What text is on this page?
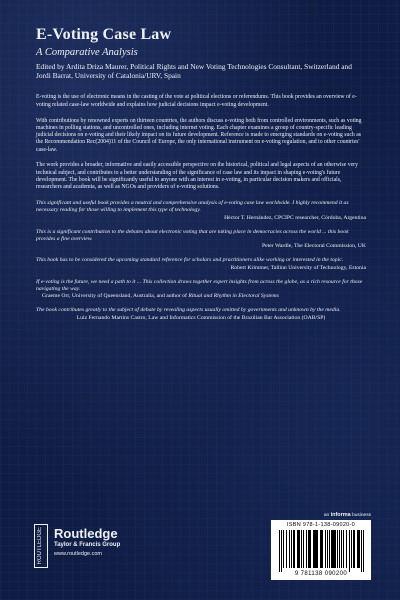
E-Voting Case Law
A Comparative Analysis
Edited by Ardita Driza Maurer, Political Rights and New Voting Technologies Consultant, Switzerland and Jordi Barrat, University of Catalonia/URV, Spain

E-voting is the use of electronic means in the casting of the vote at political elections or referendums. This book provides an overview of e-voting related case-law worldwide and explains how judicial decisions impact e-voting development.

With contributions by renowned experts on thirteen countries, the authors discuss e-voting both from controlled environments, such as voting machines in polling stations, and uncontrolled ones, including internet voting. Each chapter examines a group of country-specific leading judicial decisions on e-voting and their likely impact on its future development. Reference is made to emerging standards on e-voting such as the Recommendation Rec(2004)11 of the Council of Europe, the only international instrument on e-voting regulation, and to other countries' case-law.

The work provides a broader, informative and easily accessible perspective on the historical, political and legal aspects of an otherwise very technical subject, and contributes to a better understanding of the significance of case law and its impact in shaping e-voting's future development. The book will be significantly useful to anyone with an interest in e-voting, in particular decision makers and officials, researchers and academia, as well as NGOs and providers of e-voting solutions.

This significant and useful book provides a neutral and comprehensive analysis of e-voting case law worldwide. I highly recommend it as necessary reading for those willing to implement this type of technology.
Héctor T. Hernández, CPCIPC researcher, Córdoba, Argentina
This is a significant contribution to the debates about electronic voting that are taking place in democracies across the world ... this book provides a fine overview.
Peter Wardle, The Electoral Commission, UK
This book has to be considered the upcoming standard reference for scholars and practitioners alike working or interested in the topic.
Robert Krimmer, Tallinn University of Technology, Estonia
If e-voting is the future, we need a path to it ... This collection draws together expert insights from across the globe, as a rich resource for those navigating the way.
Graeme Orr, University of Queensland, Australia, and author of Ritual and Rhythm in Electoral Systems
The book contributes greatly to the subject of debate by revealing aspects usually omitted by governments and unknown by the media.
Luiz Fernando Martins Castro, Law and Informatics Commission of the Brazilian Bar Association (OAB/SP)
ROUTLEDGE Routledge
Taylor & Francis Group
www.routledge.com
an informa business
ISBN 978-1-138-09020-0
9 781138 090200
